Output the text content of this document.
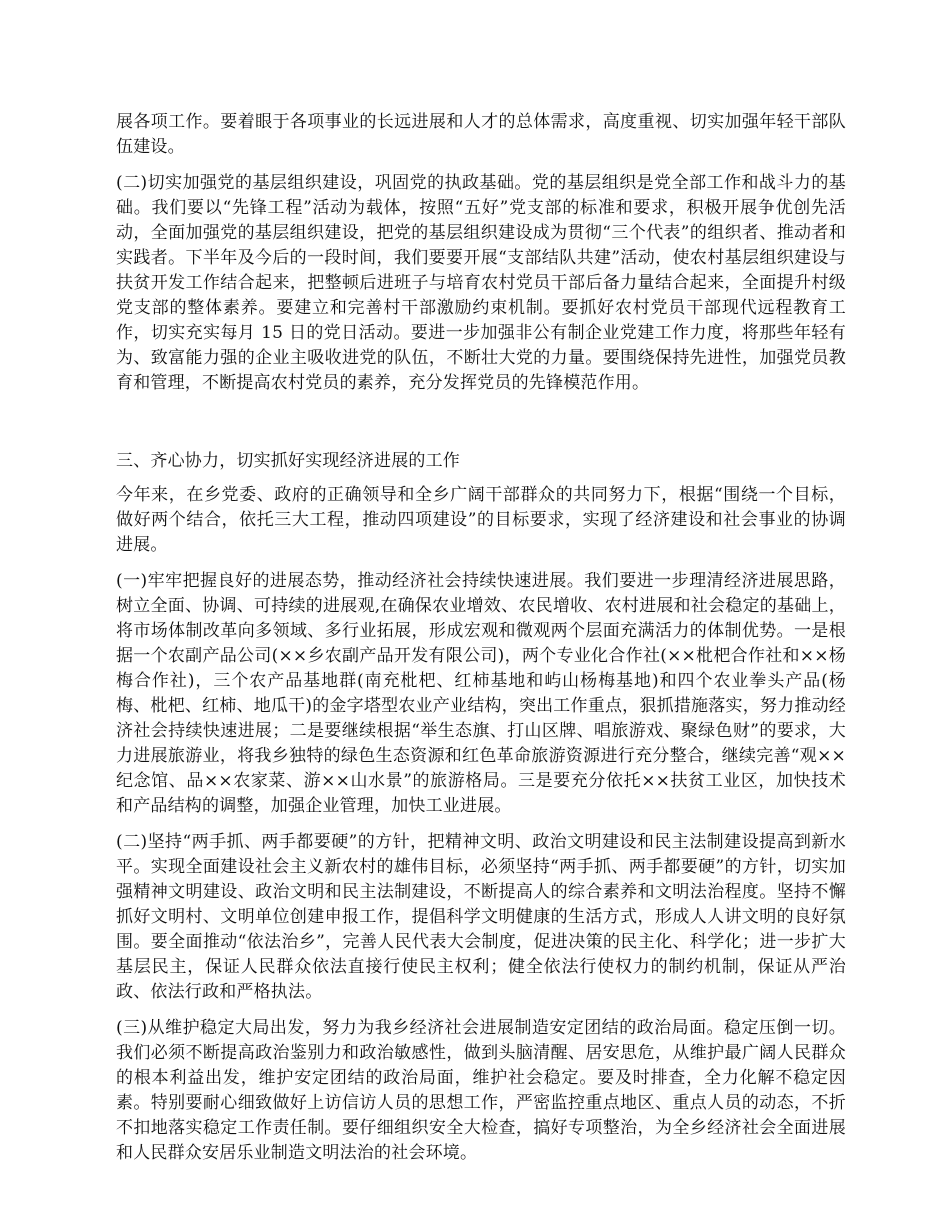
展各项工作。要着眼于各项事业的长远进展和人才的总体需求，高度重视、切实加强年轻干部队伍建设。

(二)切实加强党的基层组织建设，巩固党的执政基础。党的基层组织是党全部工作和战斗力的基础。我们要以“先锋工程”活动为载体，按照“五好”党支部的标准和要求，积极开展争优创先活动，全面加强党的基层组织建设，把党的基层组织建设成为贯彻“三个代表”的组织者、推动者和实践者。下半年及今后的一段时间，我们要要开展“支部结队共建”活动，使农村基层组织建设与扶贫开发工作结合起来，把整顿后进班子与培育农村党员干部后备力量结合起来，全面提升村级党支部的整体素养。要建立和完善村干部激励约束机制。要抓好农村党员干部现代远程教育工作，切实充实每月 15 日的党日活动。要进一步加强非公有制企业党建工作力度，将那些年轻有为、致富能力强的企业主吸收进党的队伍，不断壮大党的力量。要围绕保持先进性，加强党员教育和管理，不断提高农村党员的素养，充分发挥党员的先锋模范作用。

三、齐心协力，切实抓好实现经济进展的工作

今年来，在乡党委、政府的正确领导和全乡广阔干部群众的共同努力下，根据“围绕一个目标，做好两个结合，依托三大工程，推动四项建设”的目标要求，实现了经济建设和社会事业的协调进展。

(一)牢牢把握良好的进展态势，推动经济社会持续快速进展。我们要进一步理清经济进展思路，树立全面、协调、可持续的进展观,在确保农业增效、农民增收、农村进展和社会稳定的基础上，将市场体制改革向多领域、多行业拓展，形成宏观和微观两个层面充满活力的体制优势。一是根据一个农副产品公司(××乡农副产品开发有限公司)，两个专业化合作社(××枇杷合作社和××杨梅合作社)，三个农产品基地群(南充枇杷、红柿基地和屿山杨梅基地)和四个农业拳头产品(杨梅、枇杷、红柿、地瓜干)的金字塔型农业产业结构，突出工作重点，狠抓措施落实，努力推动经济社会持续快速进展；二是要继续根据“举生态旗、打山区牌、唱旅游戏、聚绿色财”的要求，大力进展旅游业，将我乡独特的绿色生态资源和红色革命旅游资源进行充分整合，继续完善“观××纪念馆、品××农家菜、游××山水景”的旅游格局。三是要充分依托××扶贫工业区，加快技术和产品结构的调整，加强企业管理，加快工业进展。

(二)坚持“两手抓、两手都要硬”的方针，把精神文明、政治文明建设和民主法制建设提高到新水平。实现全面建设社会主义新农村的雄伟目标，必须坚持“两手抓、两手都要硬”的方针，切实加强精神文明建设、政治文明和民主法制建设，不断提高人的综合素养和文明法治程度。坚持不懈抓好文明村、文明单位创建申报工作，提倡科学文明健康的生活方式，形成人人讲文明的良好氛围。要全面推动“依法治乡”，完善人民代表大会制度，促进决策的民主化、科学化；进一步扩大基层民主，保证人民群众依法直接行使民主权利；健全依法行使权力的制约机制，保证从严治政、依法行政和严格执法。

(三)从维护稳定大局出发，努力为我乡经济社会进展制造安定团结的政治局面。稳定压倒一切。我们必须不断提高政治鉴别力和政治敏感性，做到头脑清醒、居安思危，从维护最广阔人民群众的根本利益出发，维护安定团结的政治局面，维护社会稳定。要及时排查，全力化解不稳定因素。特别要耐心细致做好上访信访人员的思想工作，严密监控重点地区、重点人员的动态，不折不扣地落实稳定工作责任制。要仔细组织安全大检查，搞好专项整治，为全乡经济社会全面进展和人民群众安居乐业制造文明法治的社会环境。
